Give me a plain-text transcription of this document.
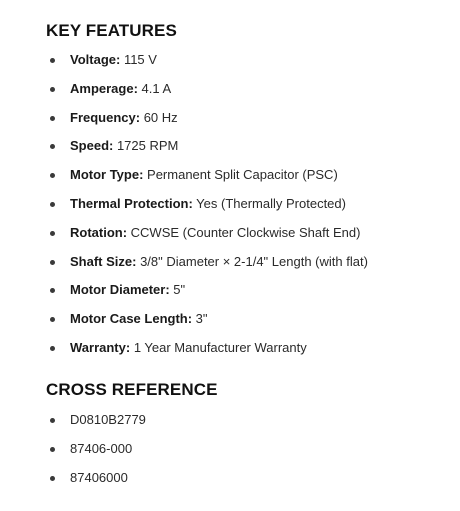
KEY FEATURES
Voltage: 115 V
Amperage: 4.1 A
Frequency: 60 Hz
Speed: 1725 RPM
Motor Type: Permanent Split Capacitor (PSC)
Thermal Protection: Yes (Thermally Protected)
Rotation: CCWSE (Counter Clockwise Shaft End)
Shaft Size: 3/8" Diameter × 2-1/4" Length (with flat)
Motor Diameter: 5"
Motor Case Length: 3"
Warranty: 1 Year Manufacturer Warranty
CROSS REFERENCE
D0810B2779
87406-000
87406000
